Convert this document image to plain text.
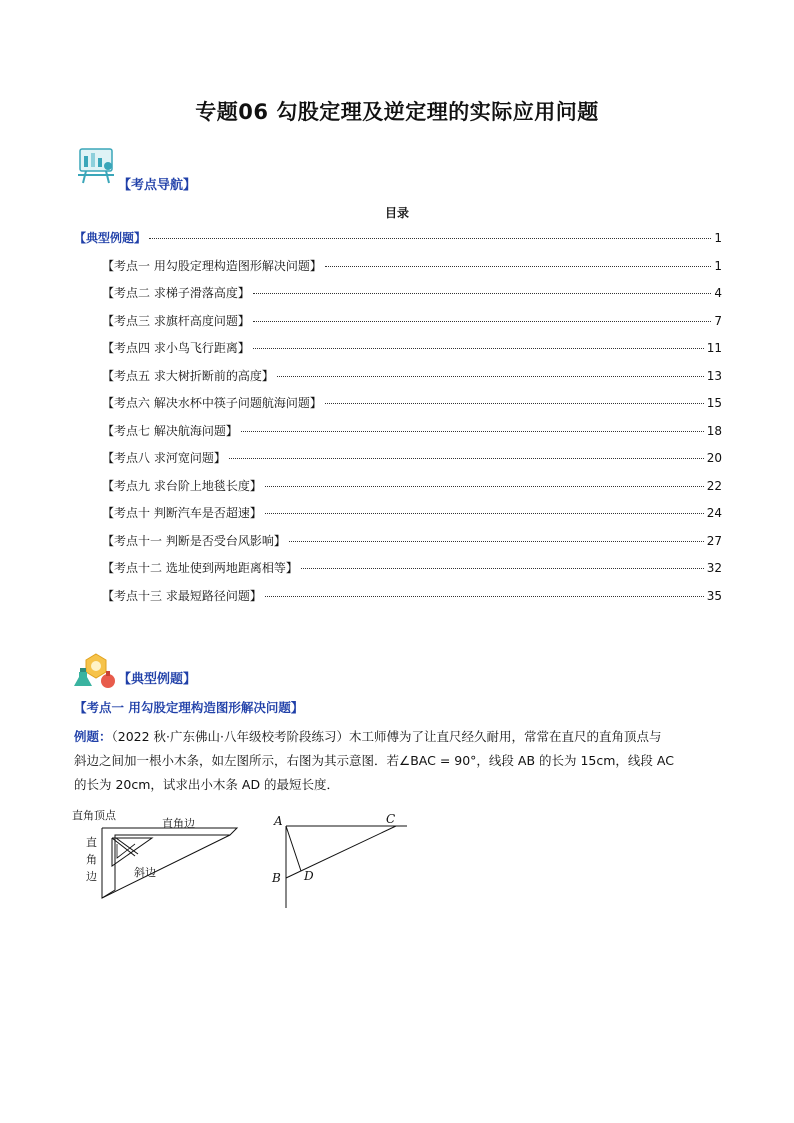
专题06 勾股定理及逆定理的实际应用问题
【考点导航】
目录
【典型例题】	1
【考点一 用勾股定理构造图形解决问题】	1
【考点二 求梯子滑落高度】	4
【考点三 求旗杆高度问题】	7
【考点四 求小鸟飞行距离】	11
【考点五 求大树折断前的高度】	13
【考点六 解决水杯中筷子问题航海问题】	15
【考点七 解决航海问题】	18
【考点八 求河宽问题】	20
【考点九 求台阶上地毯长度】	22
【考点十 判断汽车是否超速】	24
【考点十一 判断是否受台风影响】	27
【考点十二 选址使到两地距离相等】	32
【考点十三 求最短路径问题】	35
【典型例题】
【考点一 用勾股定理构造图形解决问题】
例题：（2022 秋·广东佛山·八年级校考阶段练习）木工师傅为了让直尺经久耐用，常常在直尺的直角顶点与
斜边之间加一根小木条，如左图所示，右图为其示意图．若∠BAC = 90°，线段 AB 的长为 15cm，线段 AC
的长为 20cm，试求出小木条 AD 的最短长度．
直角顶点
直角边
直
角
边	斜边
A	C
B D
